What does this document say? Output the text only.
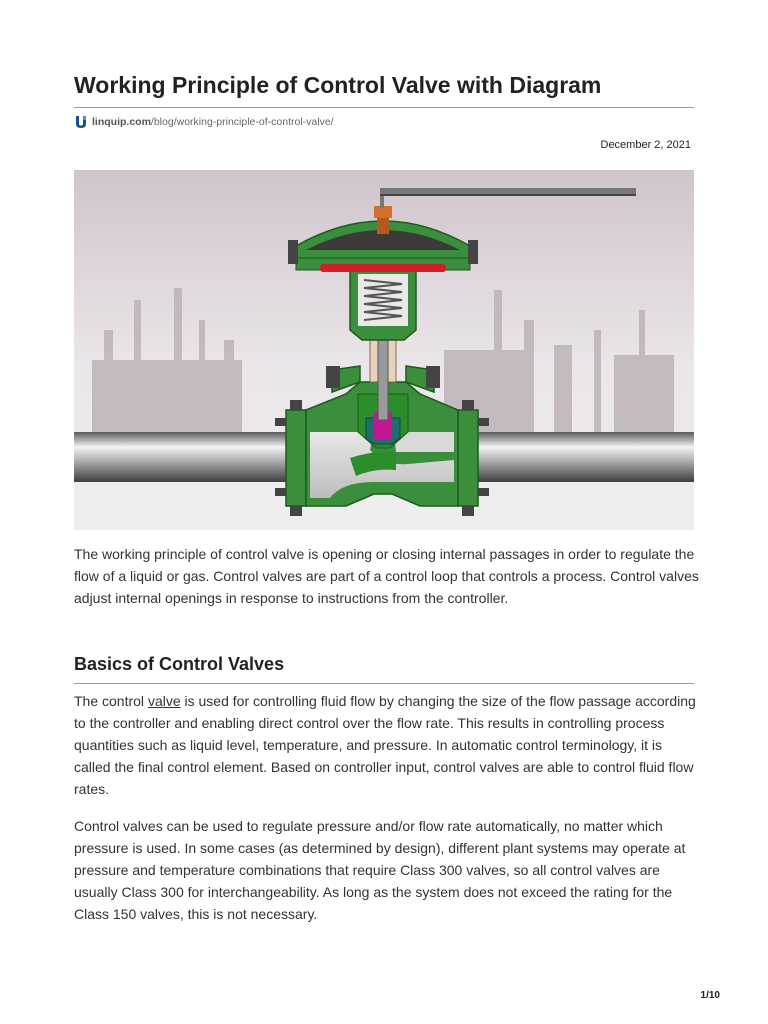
Working Principle of Control Valve with Diagram
linquip.com /blog/working-principle-of-control-valve/
December 2, 2021

The working principle of control valve is opening or closing internal passages in order to regulate the flow of a liquid or gas. Control valves are part of a control loop that controls a process. Control valves adjust internal openings in response to instructions from the controller.

Basics of Control Valves

The control valve is used for controlling fluid flow by changing the size of the flow passage according to the controller and enabling direct control over the flow rate. This results in controlling process quantities such as liquid level, temperature, and pressure. In automatic control terminology, it is called the final control element. Based on controller input, control valves are able to control fluid flow rates.

Control valves can be used to regulate pressure and/or flow rate automatically, no matter which pressure is used. In some cases (as determined by design), different plant systems may operate at pressure and temperature combinations that require Class 300 valves, so all control valves are usually Class 300 for interchangeability. As long as the system does not exceed the rating for the Class 150 valves, this is not necessary.

1/10
